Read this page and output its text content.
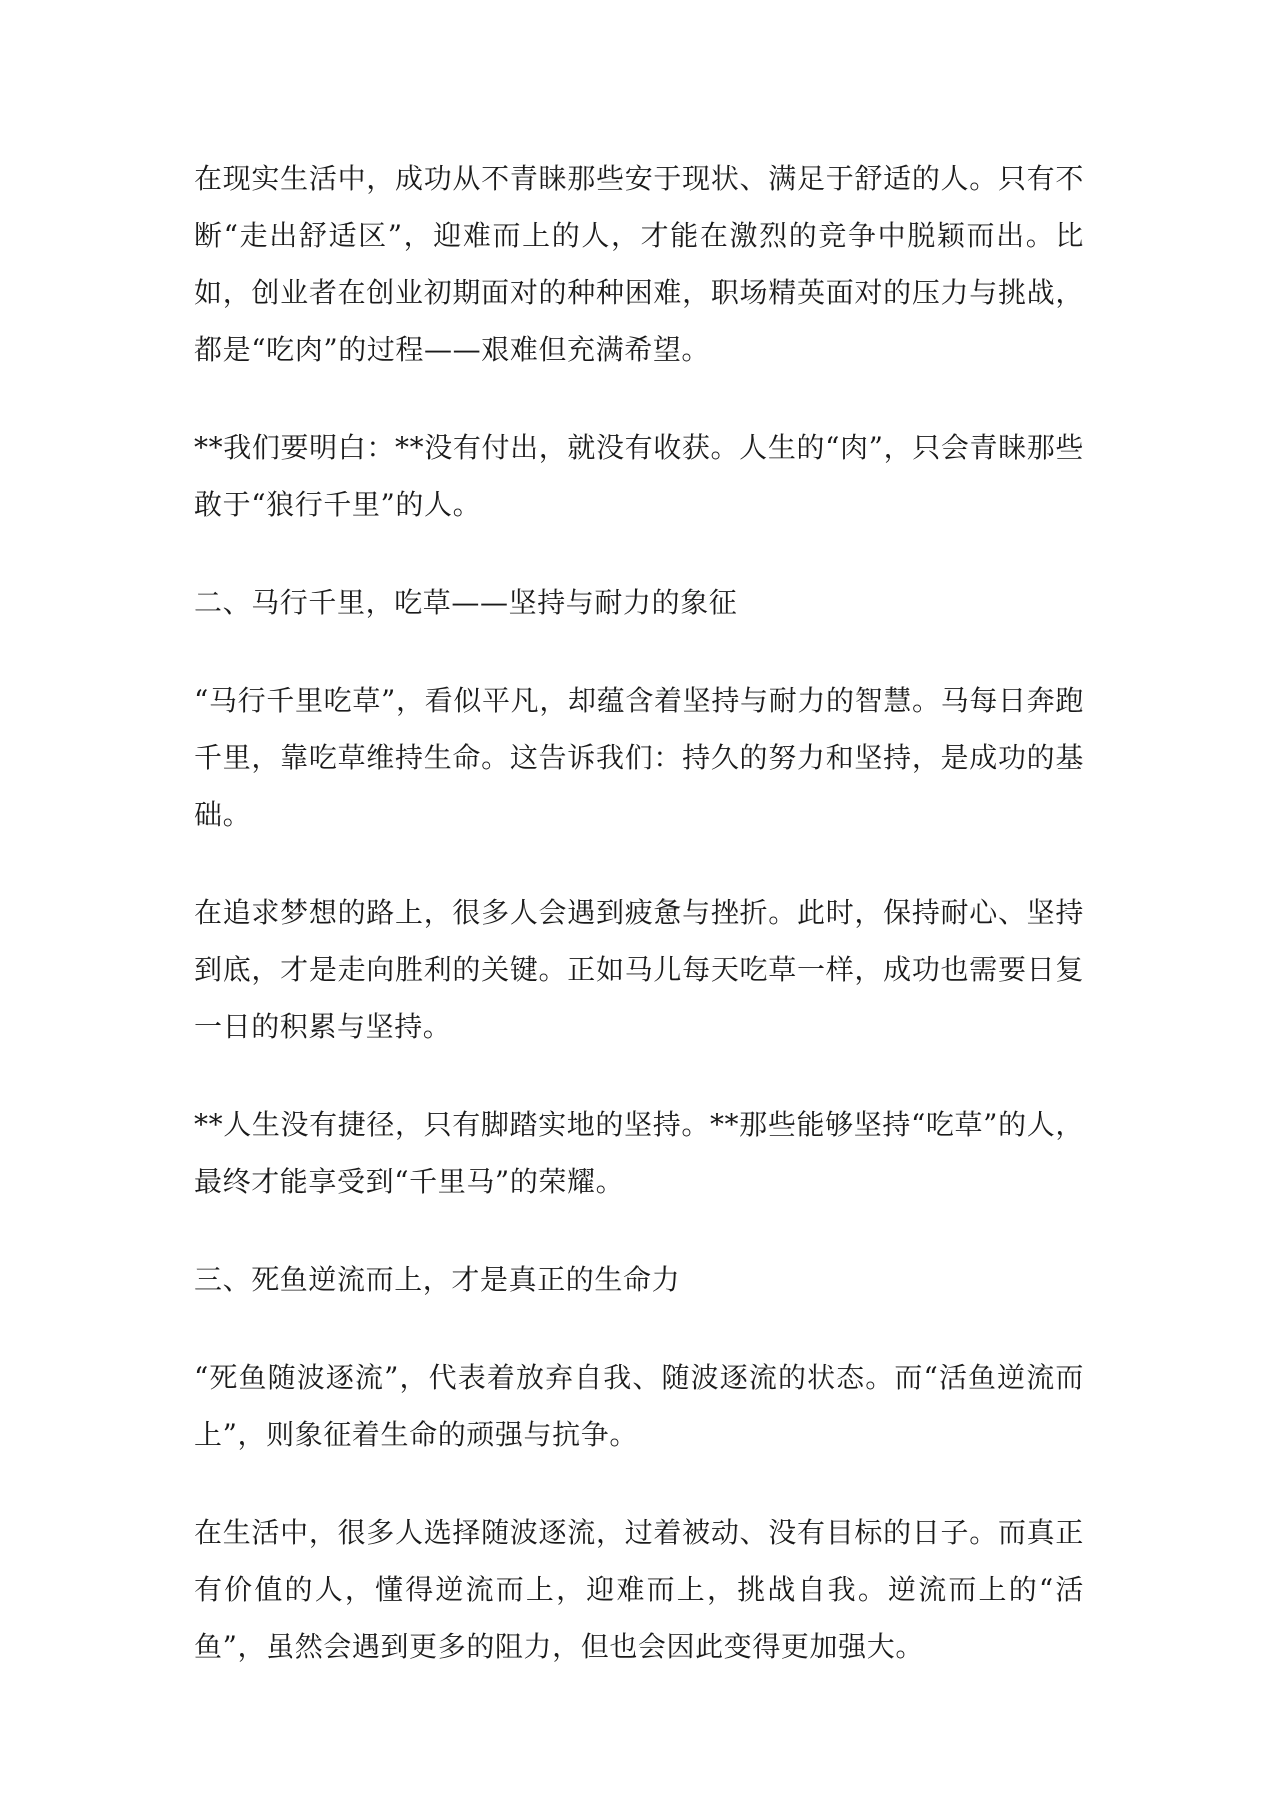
在现实生活中，成功从不青睐那些安于现状、满足于舒适的人。只有不断“走出舒适区”，迎难而上的人，才能在激烈的竞争中脱颖而出。比如，创业者在创业初期面对的种种困难，职场精英面对的压力与挑战，都是“吃肉”的过程——艰难但充满希望。

**我们要明白：**没有付出，就没有收获。人生的“肉”，只会青睐那些敢于“狼行千里”的人。

二、马行千里，吃草——坚持与耐力的象征

“马行千里吃草”，看似平凡，却蕴含着坚持与耐力的智慧。马每日奔跑千里，靠吃草维持生命。这告诉我们：持久的努力和坚持，是成功的基础。

在追求梦想的路上，很多人会遇到疲惫与挫折。此时，保持耐心、坚持到底，才是走向胜利的关键。正如马儿每天吃草一样，成功也需要日复一日的积累与坚持。

**人生没有捷径，只有脚踏实地的坚持。**那些能够坚持“吃草”的人，最终才能享受到“千里马”的荣耀。

三、死鱼逆流而上，才是真正的生命力

“死鱼随波逐流”，代表着放弃自我、随波逐流的状态。而“活鱼逆流而上”，则象征着生命的顽强与抗争。

在生活中，很多人选择随波逐流，过着被动、没有目标的日子。而真正有价值的人，懂得逆流而上，迎难而上，挑战自我。逆流而上的“活鱼”，虽然会遇到更多的阻力，但也会因此变得更加强大。
